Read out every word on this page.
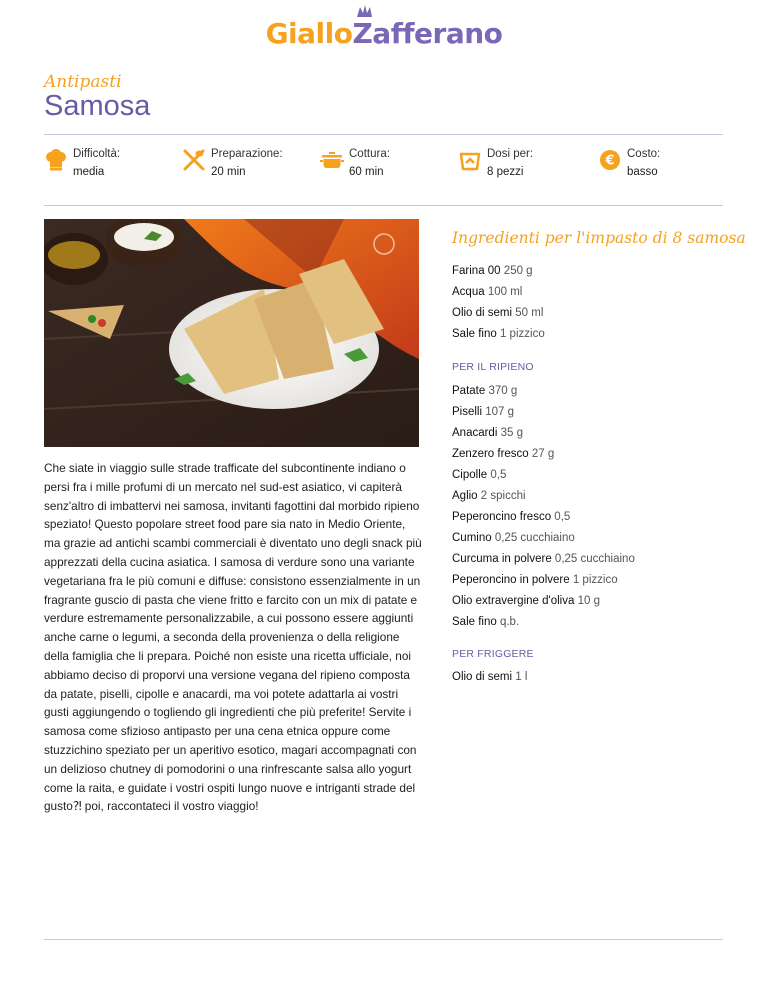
Giallo
Zafferano
Antipasti
Samosa
Difficoltà:
media
Preparazione:
20 min
Cottura:
60 min
Dosi per:
8 pezzi
€ Costo:
basso
Che siate in viaggio sulle strade trafficate del subcontinente indiano o persi fra i mille profumi di un mercato nel sud-est asiatico, vi capiterà senz'altro di imbattervi nei samosa, invitanti fagottini dal morbido ripieno speziato! Questo popolare street food pare sia nato in Medio Oriente, ma grazie ad antichi scambi commerciali è diventato uno degli snack più apprezzati della cucina asiatica. I samosa di verdure sono una variante vegetariana fra le più comuni e diffuse: consistono essenzialmente in un fragrante guscio di pasta che viene fritto e farcito con un mix di patate e verdure estremamente personalizzabile, a cui possono essere aggiunti anche carne o legumi, a seconda della provenienza o della religione della famiglia che li prepara. Poiché non esiste una ricetta ufficiale, noi abbiamo deciso di proporvi una versione vegana del ripieno composta da patate, piselli, cipolle e anacardi, ma voi potete adattarla ai vostri gusti aggiungendo o togliendo gli ingredienti che più preferite! Servite i samosa come sfizioso antipasto per una cena etnica oppure come stuzzichino speziato per un aperitivo esotico, magari accompagnati con un delizioso chutney di pomodorini o una rinfrescante salsa allo yogurt come la raita, e guidate i vostri ospiti lungo nuove e intriganti strade del gusto⁈ poi, raccontateci il vostro viaggio!
Ingredienti per l'impasto di 8 samosa
Farina 00 250 g
Acqua 100 ml
Olio di semi 50 ml
Sale fino 1 pizzico
PER IL RIPIENO
Patate 370 g
Piselli 107 g
Anacardi 35 g
Zenzero fresco 27 g
Cipolle 0,5
Aglio 2 spicchi
Peperoncino fresco 0,5
Cumino 0,25 cucchiaino
Curcuma in polvere 0,25 cucchiaino
Peperoncino in polvere 1 pizzico
Olio extravergine d'oliva 10 g
Sale fino q.b.
PER FRIGGERE
Olio di semi 1 l
